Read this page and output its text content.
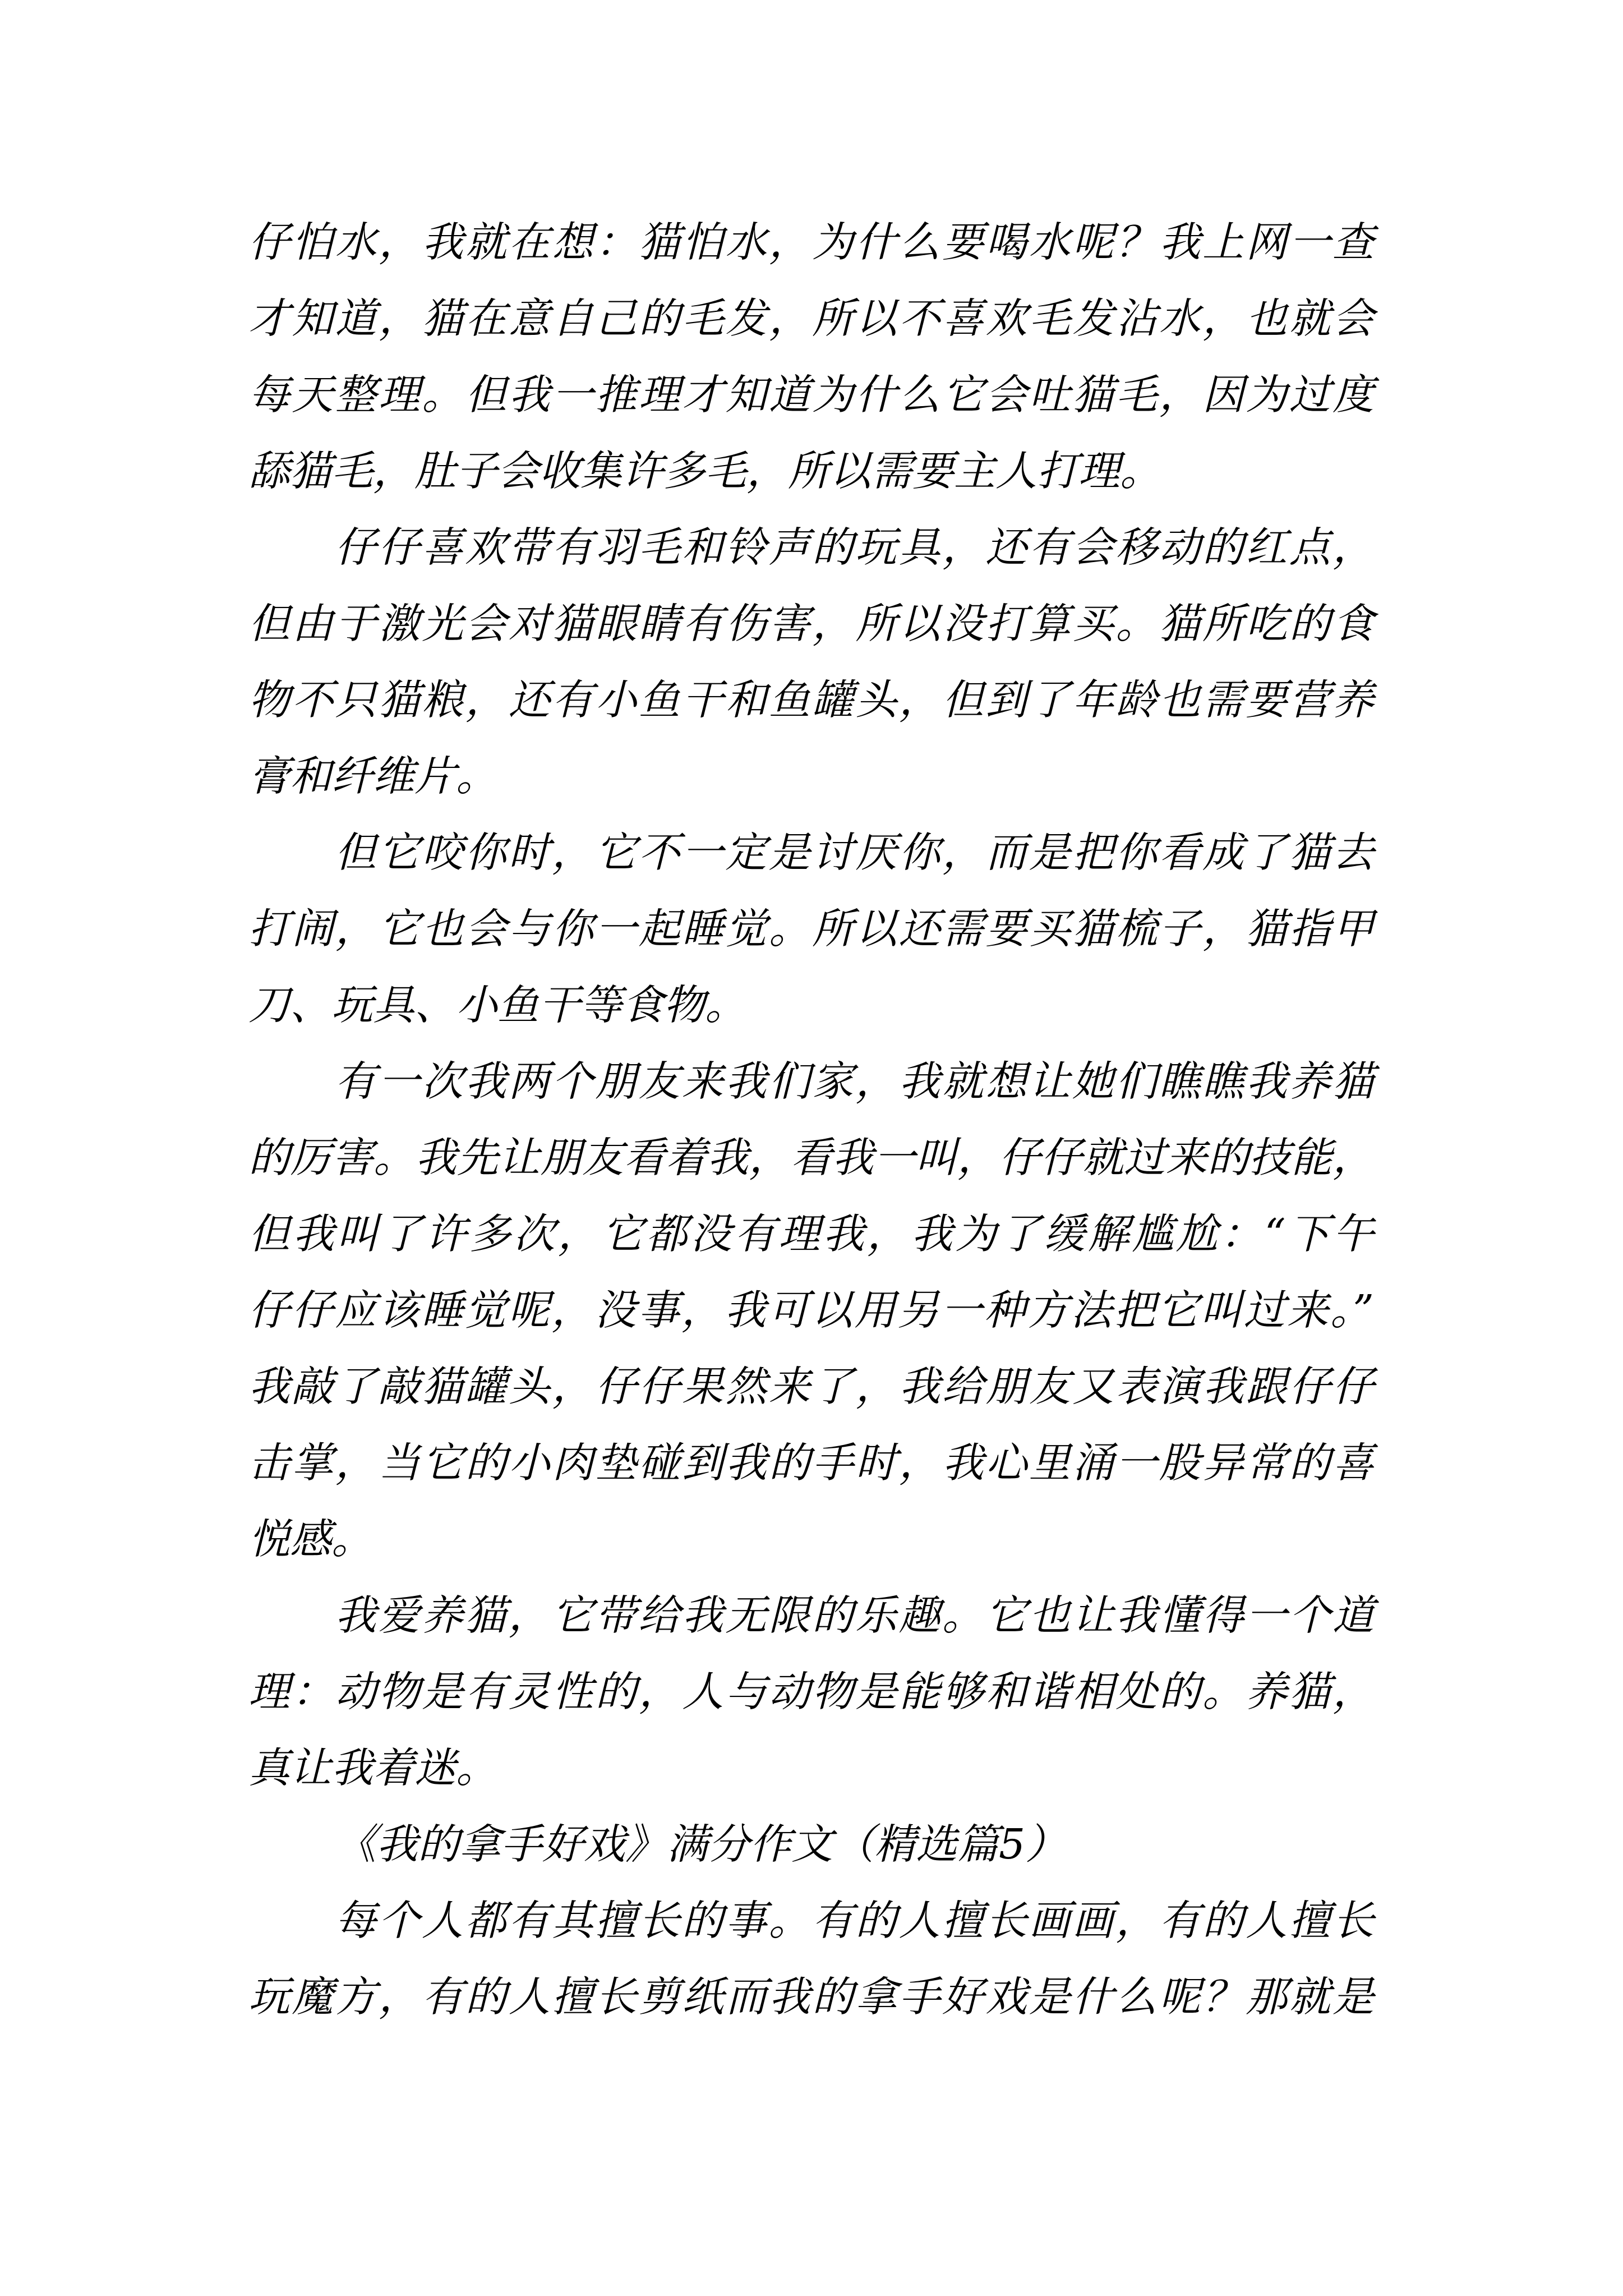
仔怕水，我就在想：猫怕水，为什么要喝水呢？我上网一查
才知道，猫在意自己的毛发，所以不喜欢毛发沾水，也就会
每天整理。但我一推理才知道为什么它会吐猫毛，因为过度
舔猫毛，肚子会收集许多毛，所以需要主人打理。

仔仔喜欢带有羽毛和铃声的玩具，还有会移动的红点，
但由于激光会对猫眼睛有伤害，所以没打算买。猫所吃的食
物不只猫粮，还有小鱼干和鱼罐头，但到了年龄也需要营养
膏和纤维片。

但它咬你时，它不一定是讨厌你，而是把你看成了猫去
打闹，它也会与你一起睡觉。所以还需要买猫梳子，猫指甲
刀、玩具、小鱼干等食物。

有一次我两个朋友来我们家，我就想让她们瞧瞧我养猫
的厉害。我先让朋友看着我，看我一叫，仔仔就过来的技能，
但我叫了许多次，它都没有理我，我为了缓解尴尬：“下午
仔仔应该睡觉呢，没事，我可以用另一种方法把它叫过来。”
我敲了敲猫罐头，仔仔果然来了，我给朋友又表演我跟仔仔
击掌，当它的小肉垫碰到我的手时，我心里涌一股异常的喜
悦感。

我爱养猫，它带给我无限的乐趣。它也让我懂得一个道
理：动物是有灵性的，人与动物是能够和谐相处的。养猫，
真让我着迷。

《我的拿手好戏》满分作文（精选篇5）

每个人都有其擅长的事。有的人擅长画画，有的人擅长
玩魔方，有的人擅长剪纸而我的拿手好戏是什么呢？那就是
